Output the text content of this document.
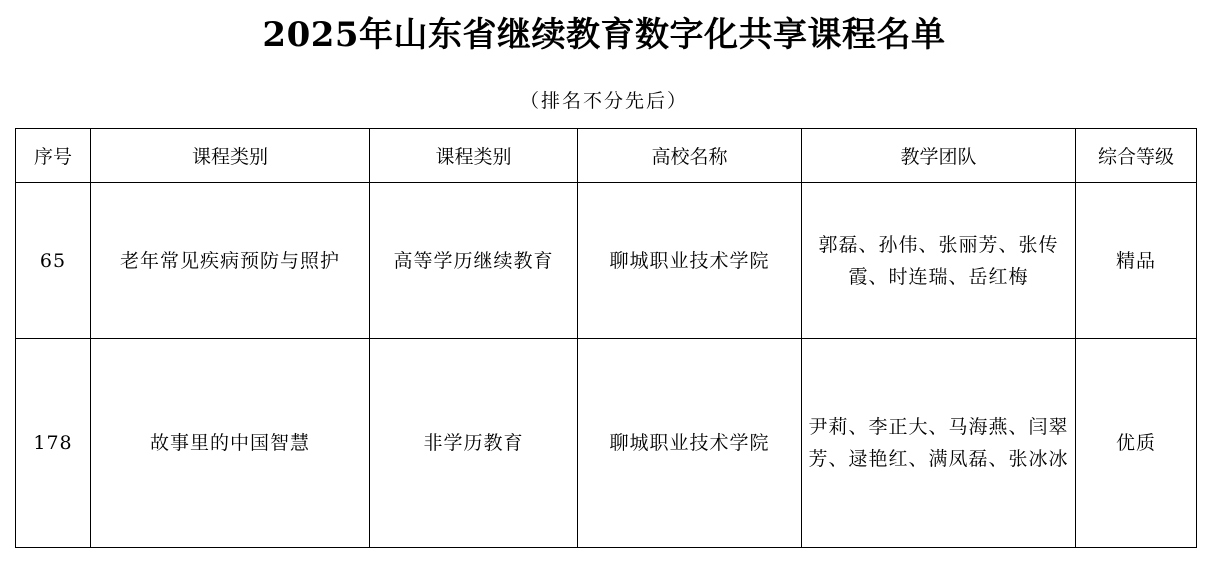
2025年山东省继续教育数字化共享课程名单
（排名不分先后）
序号	课程类别	课程类别	高校名称	教学团队	综合等级
65	老年常见疾病预防与照护	高等学历继续教育	聊城职业技术学院	郭磊、孙伟、张丽芳、张传霞、时连瑞、岳红梅	精品
178	故事里的中国智慧	非学历教育	聊城职业技术学院	尹莉、李正大、马海燕、闫翠芳、逯艳红、满凤磊、张冰冰	优质
